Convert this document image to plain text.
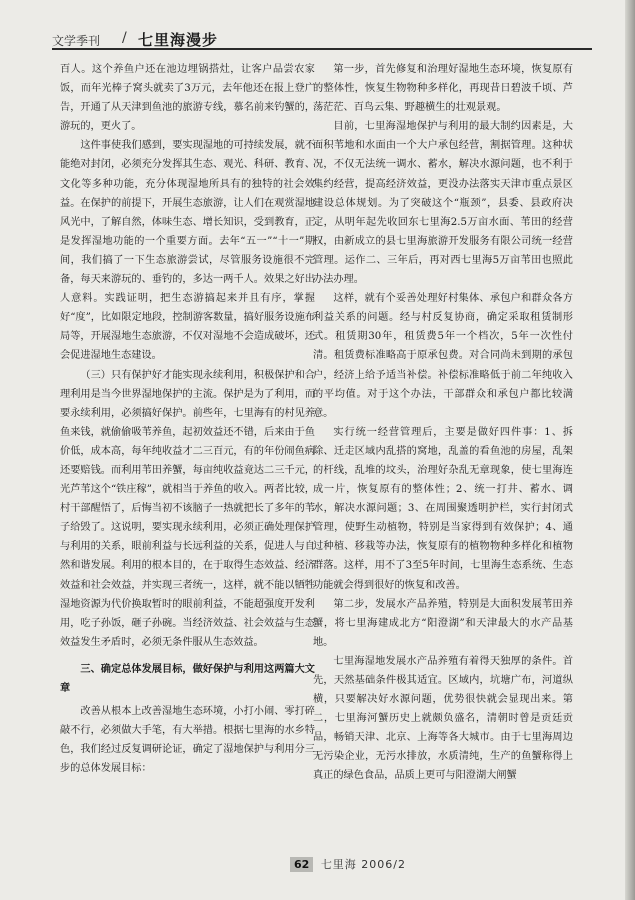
文学季刊 / 七里海漫步

百人。这个养鱼户还在池边埋锅搭灶，让客户品尝农家饭，而年光棒子窝头就卖了3万元，去年他还在报上登广告，开通了从天津到鱼池的旅游专线，慕名前来钓蟹的，游玩的，更火了。

这件事使我们感到，要实现湿地的可持续发展，就不能绝对封闭，必须充分发挥其生态、观光、科研、教育、文化等多种功能，充分体现湿地所具有的独特的社会效益。在保护的前提下，开展生态旅游，让人们在观赏湿地风光中，了解自然，体味生态、增长知识，受到教育，正是发挥湿地功能的一个重要方面。去年“五一”“十一”期间，我们搞了一下生态旅游尝试，尽管服务设施很不完备，每天来游玩的、垂钓的，多达一两千人。效果之好出人意料。实践证明，把生态游搞起来并且有序，掌握好“度”，比如限定地段，控制游客数量，搞好服务设施布局等，开展湿地生态旅游，不仅对湿地不会造成破坏，还会促进湿地生态建设。

（三）只有保护好才能实现永续利用，积极保护和合理利用是当今世界湿地保护的主流。保护是为了利用，而要永续利用，必须搞好保护。前些年，七里海有的村见养鱼来钱，就偷偷吸苇养鱼，起初效益还不错，后来由于鱼价低，成本高，每年纯收益才二三百元，有的年份闹鱼病还要赔钱。而利用苇田养蟹，每亩纯收益竟达二三千元，光芦苇这个“铁庄稼”，就相当于养鱼的收入。两者比较，村干部醒悟了，后悔当初不该脑子一热就把长了多年的苇子给毁了。这说明，要实现永续利用，必须正确处理保护与利用的关系，眼前利益与长远利益的关系，促进人与自然和谐发展。利用的根本目的，在于取得生态效益、经济效益和社会效益，并实现三者统一，这样，就不能以牺牲湿地资源为代价换取暂时的眼前利益，不能超强度开发利用，吃子孙饭，砸子孙碗。当经济效益、社会效益与生态效益发生矛盾时，必须无条件服从生态效益。

三、确定总体发展目标，做好保护与利用这两篇大文章

改善从根本上改善湿地生态环境，小打小闹、零打碎敲不行，必须做大手笔，有大举措。根据七里海的水乡特色，我们经过反复调研论证，确定了湿地保护与利用分三步的总体发展目标：

第一步，首先修复和治理好湿地生态环境，恢复原有的整体性，恢复生物物种多样化，再现昔日碧波千顷、芦荡茫茫、百鸟云集、野趣横生的壮观景观。

目前，七里海湿地保护与利用的最大制约因素是，大面积苇地和水面由一个大户承包经营，割据管理。这种状况，不仅无法统一调水、蓄水，解决水源问题，也不利于集约经营，提高经济效益，更没办法落实天津市重点景区建设总体规划。为了突破这个“瓶颈”，县委、县政府决定，从明年起先收回东七里海2.5万亩水面、苇田的经营权，由新成立的县七里海旅游开发服务有限公司统一经营管理。运作二、三年后，再对西七里海5万亩苇田也照此办法办理。

这样，就有个妥善处理好村集体、承包户和群众各方利益关系的问题。经与村反复协商，确定采取租赁制形式。租赁期30年，租赁费5年一个档次，5年一次性付清。租赁费标准略高于原承包费。对合同尚未到期的承包户，经济上给予适当补偿。补偿标准略低于前二年纯收入的平均值。对于这个办法，干部群众和承包户都比较满意。

实行统一经营管理后，主要是做好四件事：1、拆除、迁走区域内乱搭的窝地，乱盖的看鱼池的房屋，乱架的杆线，乱堆的坟头，治理好杂乱无章现象，使七里海连成一片，恢复原有的整体性；2、统一打井、蓄水、调水，解决水源问题；3、在周围聚透明护栏，实行封闭式管理，使野生动植物，特别是当家得到有效保护；4、通过种植、移栽等办法，恢复原有的植物物种多样化和植物群落。这样，用不了3至5年时间，七里海生态系统、生态功能就会得到很好的恢复和改善。

第二步，发展水产品养殖，特别是大面积发展苇田养蟹，将七里海建成北方“阳澄湖”和天津最大的水产品基地。

七里海湿地发展水产品养殖有着得天独厚的条件。首先，天然基础条件极其适宜。区域内，坑塘广布，河道纵横，只要解决好水源问题，优势很快就会显现出来。第二，七里海河蟹历史上就颇负盛名，清朝时曾是贡廷贡品，畅销天津、北京、上海等各大城市。由于七里海周边无污染企业，无污水排放，水质清纯，生产的鱼蟹称得上真正的绿色食品，品质上更可与阳澄湖大闸蟹

62 七里海 2006/2
